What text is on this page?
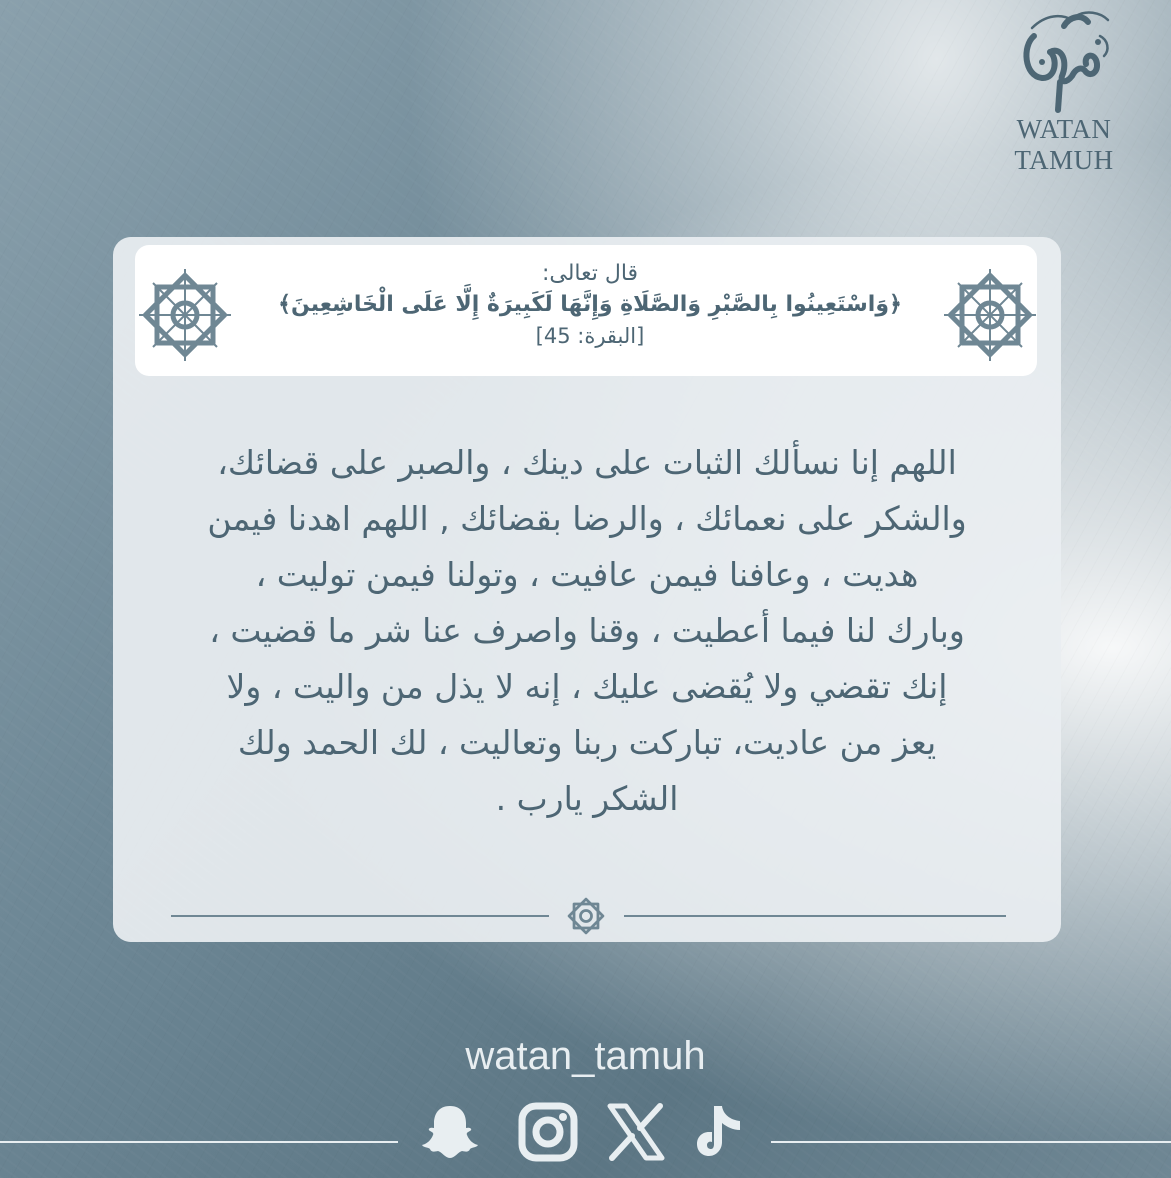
WATAN TAMUH
قال تعالى:
﴿وَاسْتَعِينُوا بِالصَّبْرِ وَالصَّلَاةِ وَإِنَّهَا لَكَبِيرَةٌ إِلَّا عَلَى الْخَاشِعِينَ﴾
[البقرة: 45]
اللهم إنا نسألك الثبات على دينك ، والصبر على قضائك،
والشكر على نعمائك ، والرضا بقضائك , اللهم اهدنا فيمن
هديت ، وعافنا فيمن عافيت ، وتولنا فيمن توليت ،
وبارك لنا فيما أعطيت ، وقنا واصرف عنا شر ما قضيت ،
إنك تقضي ولا يُقضى عليك ، إنه لا يذل من واليت ، ولا
يعز من عاديت، تباركت ربنا وتعاليت ، لك الحمد ولك
الشكر يارب .
watan_tamuh
